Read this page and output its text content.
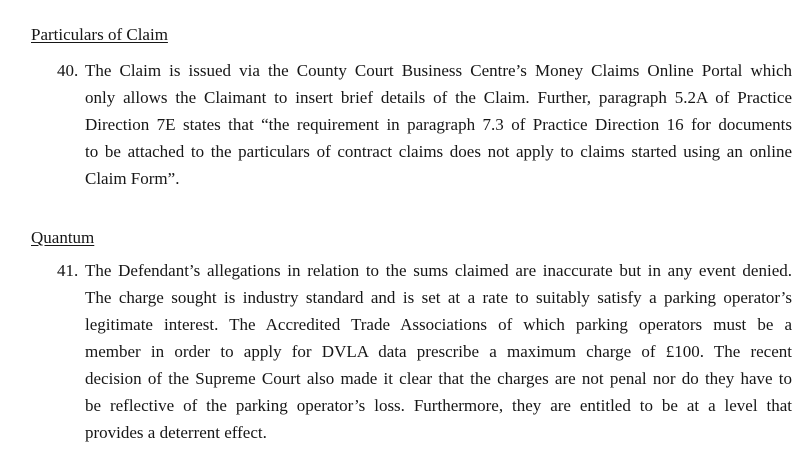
Particulars of Claim
40. The Claim is issued via the County Court Business Centre’s Money Claims Online Portal which
only allows the Claimant to insert brief details of the Claim. Further, paragraph 5.2A of Practice
Direction 7E states that “the requirement in paragraph 7.3 of Practice Direction 16 for documents
to be attached to the particulars of contract claims does not apply to claims started using an online
Claim Form”.
Quantum
41. The Defendant’s allegations in relation to the sums claimed are inaccurate but in any event denied.
The charge sought is industry standard and is set at a rate to suitably satisfy a parking operator’s
legitimate interest. The Accredited Trade Associations of which parking operators must be a
member in order to apply for DVLA data prescribe a maximum charge of £100. The recent
decision of the Supreme Court also made it clear that the charges are not penal nor do they have to
be reflective of the parking operator’s loss. Furthermore, they are entitled to be at a level that
provides a deterrent effect.
